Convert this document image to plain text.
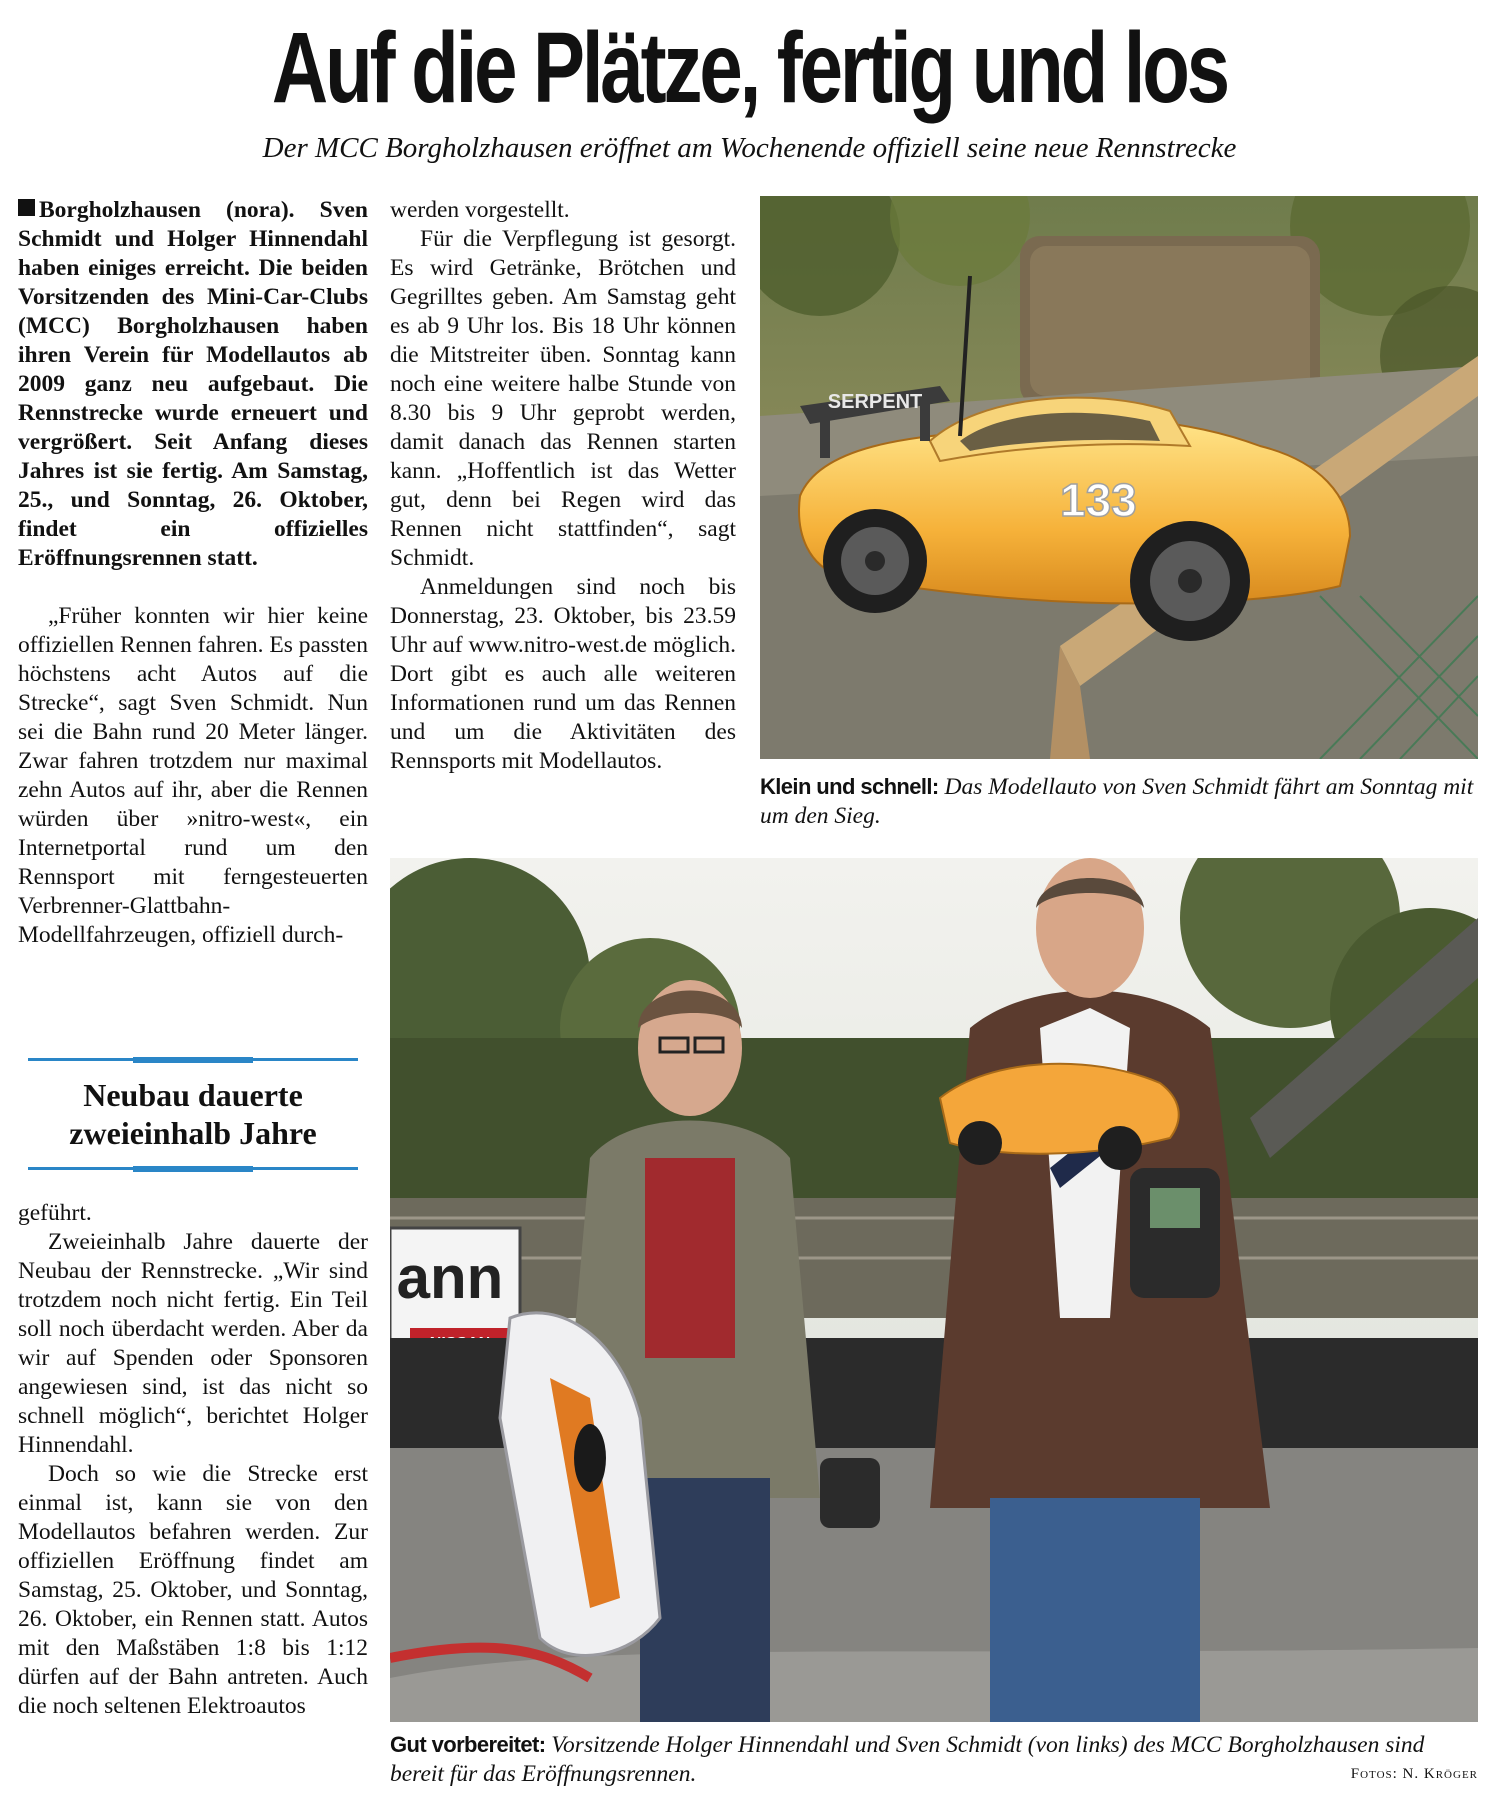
Auf die Plätze, fertig und los

Der MCC Borgholzhausen eröffnet am Wochenende offiziell seine neue Rennstrecke

Borgholzhausen (nora). Sven Schmidt und Holger Hinnendahl haben einiges erreicht. Die beiden Vorsitzenden des Mini-Car-Clubs (MCC) Borgholzhausen haben ihren Verein für Modellautos ab 2009 ganz neu aufgebaut. Die Rennstrecke wurde erneuert und vergrößert. Seit Anfang dieses Jahres ist sie fertig. Am Samstag, 25., und Sonntag, 26. Oktober, findet ein offizielles Eröffnungsrennen statt.

„Früher konnten wir hier keine offiziellen Rennen fahren. Es passten höchstens acht Autos auf die Strecke“, sagt Sven Schmidt. Nun sei die Bahn rund 20 Meter länger. Zwar fahren trotzdem nur maximal zehn Autos auf ihr, aber die Rennen würden über »nitro-west«, ein Internetportal rund um den Rennsport mit ferngesteuerten Verbrenner-Glattbahn-Modellfahrzeugen, offiziell durch-

Neubau dauerte zweieinhalb Jahre

geführt.

Zweieinhalb Jahre dauerte der Neubau der Rennstrecke. „Wir sind trotzdem noch nicht fertig. Ein Teil soll noch überdacht werden. Aber da wir auf Spenden oder Sponsoren angewiesen sind, ist das nicht so schnell möglich“, berichtet Holger Hinnendahl.

Doch so wie die Strecke erst einmal ist, kann sie von den Modellautos befahren werden. Zur offiziellen Eröffnung findet am Samstag, 25. Oktober, und Sonntag, 26. Oktober, ein Rennen statt. Autos mit den Maßstäben 1:8 bis 1:12 dürfen auf der Bahn antreten. Auch die noch seltenen Elektroautos

werden vorgestellt.

Für die Verpflegung ist gesorgt. Es wird Getränke, Brötchen und Gegrilltes geben. Am Samstag geht es ab 9 Uhr los. Bis 18 Uhr können die Mitstreiter üben. Sonntag kann noch eine weitere halbe Stunde von 8.30 bis 9 Uhr geprobt werden, damit danach das Rennen starten kann. „Hoffentlich ist das Wetter gut, denn bei Regen wird das Rennen nicht stattfinden“, sagt Schmidt.

Anmeldungen sind noch bis Donnerstag, 23. Oktober, bis 23.59 Uhr auf www.nitro-west.de möglich. Dort gibt es auch alle weiteren Informationen rund um das Rennen und um die Aktivitäten des Rennsports mit Modellautos.

SERPENT
133
Klein und schnell: Das Modellauto von Sven Schmidt fährt am Sonntag mit um den Sieg.
ann
Gut vorbereitet: Vorsitzende Holger Hinnendahl und Sven Schmidt (von links) des MCC Borgholzhausen sind bereit für das Eröffnungsrennen.	Fotos: N. Kröger
